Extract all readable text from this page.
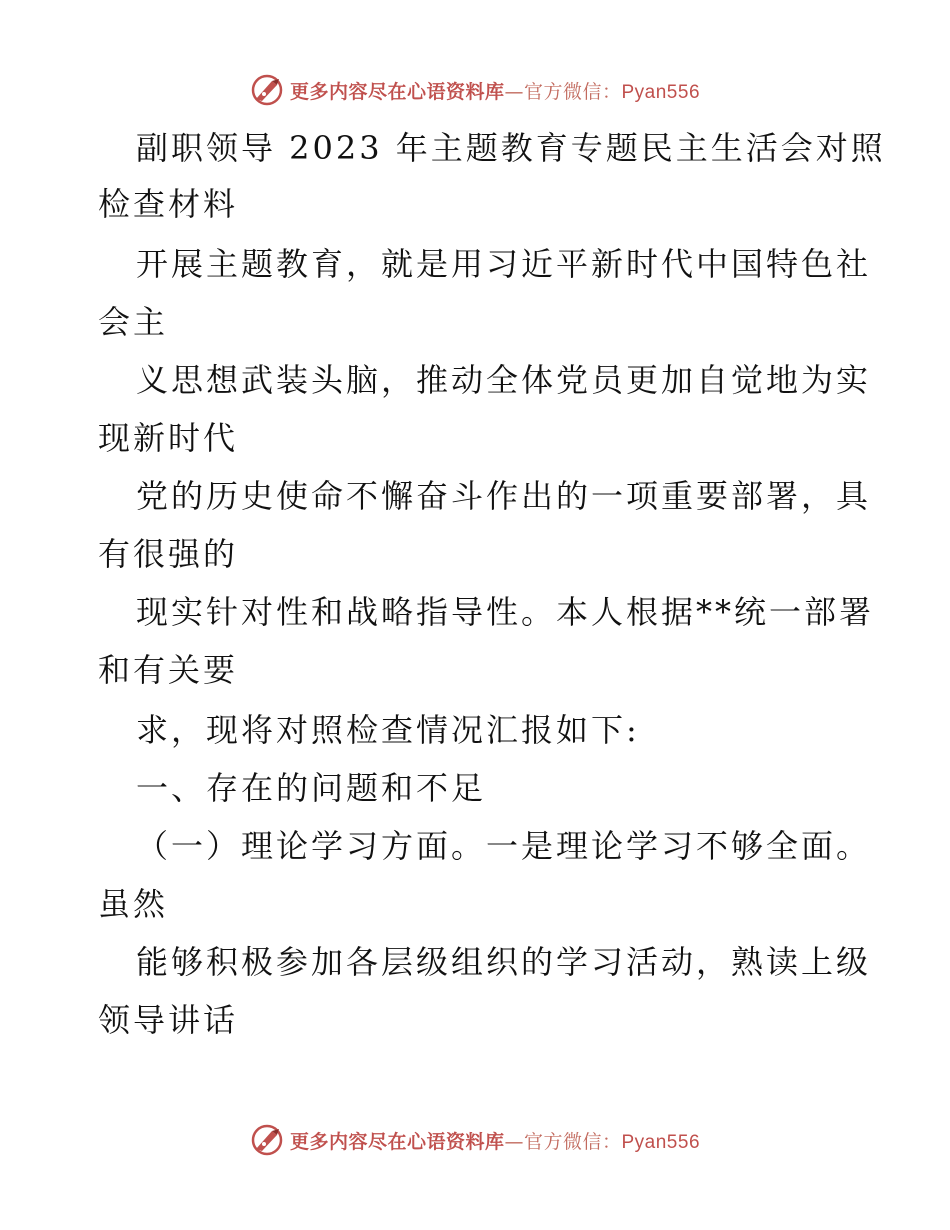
更多内容尽在心语资料库—官方微信：Pyan556
副职领导 2023 年主题教育专题民主生活会对照
检查材料
开展主题教育，就是用习近平新时代中国特色社
会主
义思想武装头脑，推动全体党员更加自觉地为实
现新时代
党的历史使命不懈奋斗作出的一项重要部署，具
有很强的
现实针对性和战略指导性。本人根据**统一部署
和有关要
求，现将对照检查情况汇报如下:
一、存在的问题和不足
（一）理论学习方面。一是理论学习不够全面。
虽然
能够积极参加各层级组织的学习活动，熟读上级
领导讲话
更多内容尽在心语资料库—官方微信：Pyan556
